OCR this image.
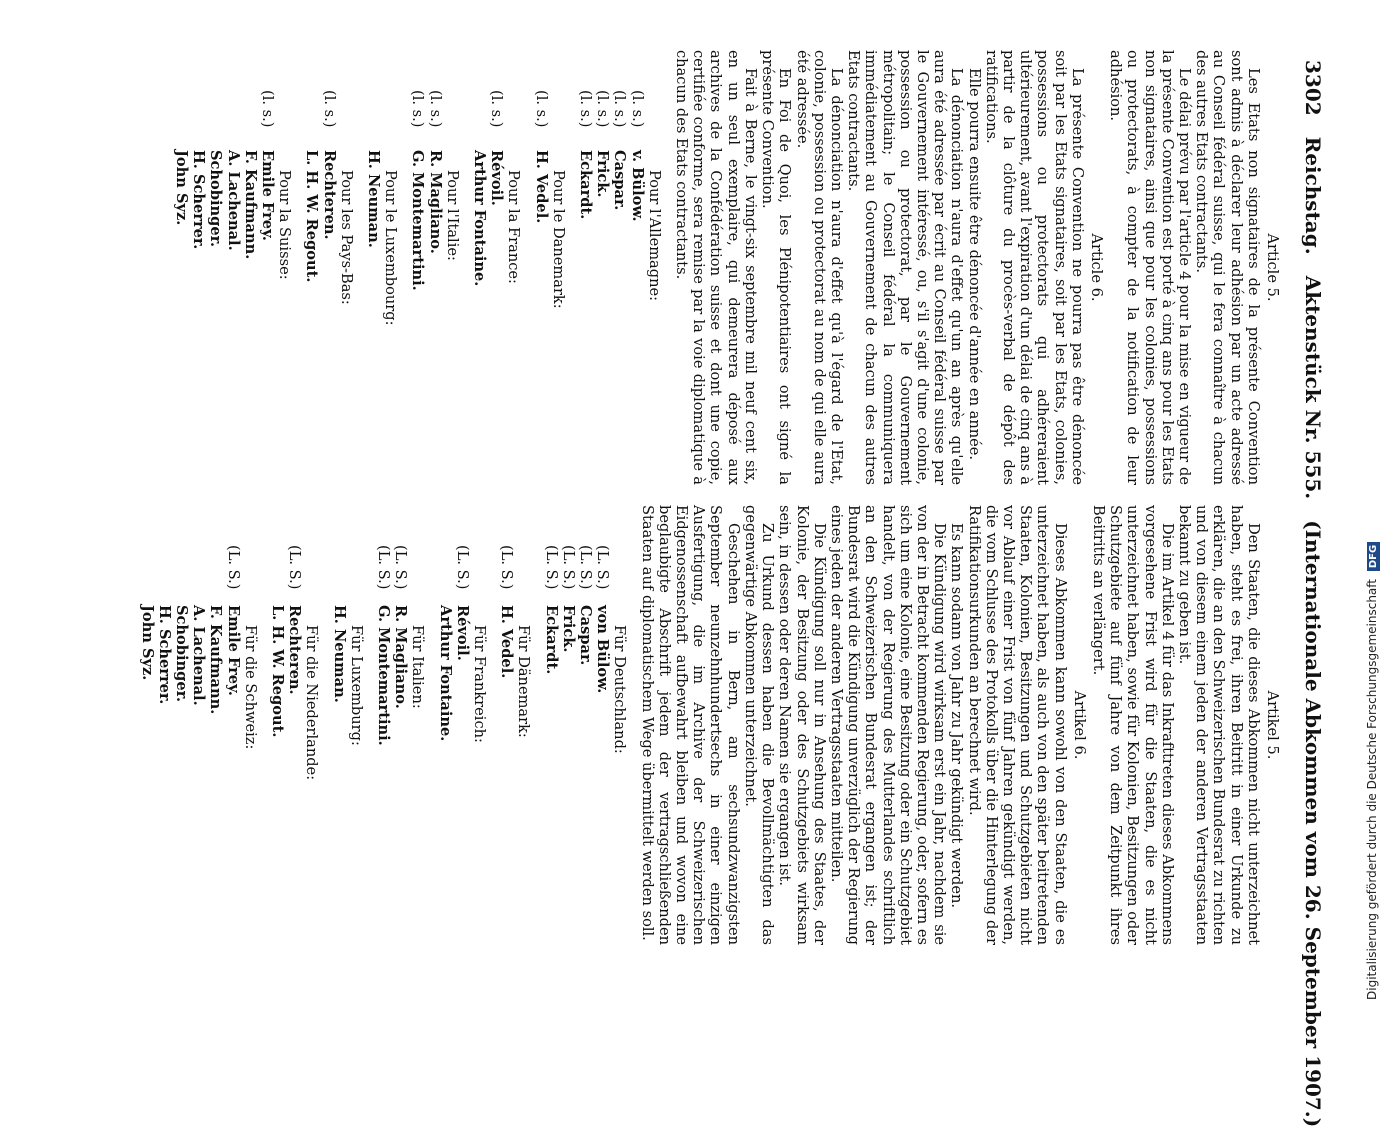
3302 Reichstag. Aktenstück Nr. 555. (Internationale Abkommen vom 26. September 1907.)
Article 5.

Les Etats non signataires de la présente Convention sont admis à déclarer leur adhésion par un acte adressé au Conseil fédéral suisse, qui le fera connaître à chacun des autres Etats contractants.

Le délai prévu par l'article 4 pour la mise en vigueur de la présente Convention est porté à cinq ans pour les Etats non signataires, ainsi que pour les colonies, possessions ou protectorats, à compter de la notification de leur adhésion.

Article 6.

La présente Convention ne pourra pas être dénoncée soit par les Etats signataires, soit par les Etats, colonies, possessions ou protectorats qui adhéreraient ultérieurement, avant l'expiration d'un délai de cinq ans à partir de la clôture du procès-verbal de dépôt des ratifications.

Elle pourra ensuite être dénoncée d'année en année.

La dénonciation n'aura d'effet qu'un an après qu'elle aura été adressée par écrit au Conseil fédéral suisse par le Gouvernement intéressé, ou, s'il s'agit d'une colonie, possession ou protectorat, par le Gouvernement métropolitain; le Conseil fédéral la communiquera immédiatement au Gouvernement de chacun des autres Etats contractants.

La dénonciation n'aura d'effet qu'à l'égard de l'Etat, colonie, possession ou protectorat au nom de qui elle aura été adressée.

En Foi de Quoi, les Plénipotentiaires ont signé la présente Convention.

Fait à Berne, le vingt-six septembre mil neuf cent six, en un seul exemplaire, qui demeurera déposé aux archives de la Confédération suisse et dont une copie, certifiée conforme, sera remise par la voie diplomatique à chacun des Etats contractants.

Pour l'Allemagne:
(l. s.)v. Bülow.
(l. s.)Caspar.
(l. s.)Frick.
(l. s.)Eckardt.
Pour le Danemark:
(l. s.)H. Vedel.
Pour la France:
(l. s.)Révoil.
Arthur Fontaine.
Pour l'Italie:
(l. s.)R. Magliano.
(l. s.)G. Montemartini.
Pour le Luxembourg:
H. Neuman.
Pour les Pays-Bas:
(l. s.)Rechteren.
L. H. W. Regout.
Pour la Suisse:
(l. s.)Emile Frey.
F. Kaufmann.
A. Lachenal.
Schobinger.
H. Scherrer.
John Syz.
Artikel 5.

Den Staaten, die dieses Abkommen nicht unterzeichnet haben, steht es frei, ihren Beitritt in einer Urkunde zu erklären, die an den Schweizerischen Bundesrat zu richten und von diesem einem jeden der anderen Vertragsstaaten bekannt zu geben ist.

Die im Artikel 4 für das Inkrafttreten dieses Abkommens vorgesehene Frist wird für die Staaten, die es nicht unterzeichnet haben, sowie für Kolonien, Besitzungen oder Schutzgebiete auf fünf Jahre von dem Zeitpunkt ihres Beitritts an verlängert.

Artikel 6.

Dieses Abkommen kann sowohl von den Staaten, die es unterzeichnet haben, als auch von den später beitretenden Staaten, Kolonien, Besitzungen und Schutzgebieten nicht vor Ablauf einer Frist von fünf Jahren gekündigt werden, die vom Schlusse des Protokolls über die Hinterlegung der Ratifikationsurkunden an berechnet wird.

Es kann sodann von Jahr zu Jahr gekündigt werden.

Die Kündigung wird wirksam erst ein Jahr, nachdem sie von der in Betracht kommenden Regierung, oder, sofern es sich um eine Kolonie, eine Besitzung oder ein Schutzgebiet handelt, von der Regierung des Mutterlandes schriftlich an den Schweizerischen Bundesrat ergangen ist; der Bundesrat wird die Kündigung unverzüglich der Regierung eines jeden der anderen Vertragsstaaten mitteilen.

Die Kündigung soll nur in Ansehung des Staates, der Kolonie, der Besitzung oder des Schutzgebiets wirksam sein, in dessen oder deren Namen sie ergangen ist.

Zu Urkund dessen haben die Bevollmächtigten das gegenwärtige Abkommen unterzeichnet.

Geschehen in Bern, am sechsundzwanzigsten September neunzehnhundertsechs in einer einzigen Ausfertigung, die im Archive der Schweizerischen Eidgenossenschaft aufbewahrt bleiben und wovon eine beglaubigte Abschrift jedem der vertragschließenden Staaten auf diplomatischem Wege übermittelt werden soll.

Für Deutschland:
(L. S.)von Bülow.
(L. S.)Caspar.
(L. S.)Frick.
(L. S.)Eckardt.
Für Dänemark:
(L. S.)H. Vedel.
Für Frankreich:
(L. S.)Révoil.
Arthur Fontaine.
Für Italien:
(L. S.)R. Magliano.
(L. S.)G. Montemartini.
Für Luxemburg:
H. Neuman.
Für die Niederlande:
(L. S.)Rechteren.
L. H. W. Regout.
Für die Schweiz:
(L. S.)Emile Frey.
F. Kaufmann.
A. Lachenal.
Schobinger.
H. Scherrer.
John Syz.	Digitalisierung gefördert durch die Deutsche Forschungsgemeinschaft DFG
